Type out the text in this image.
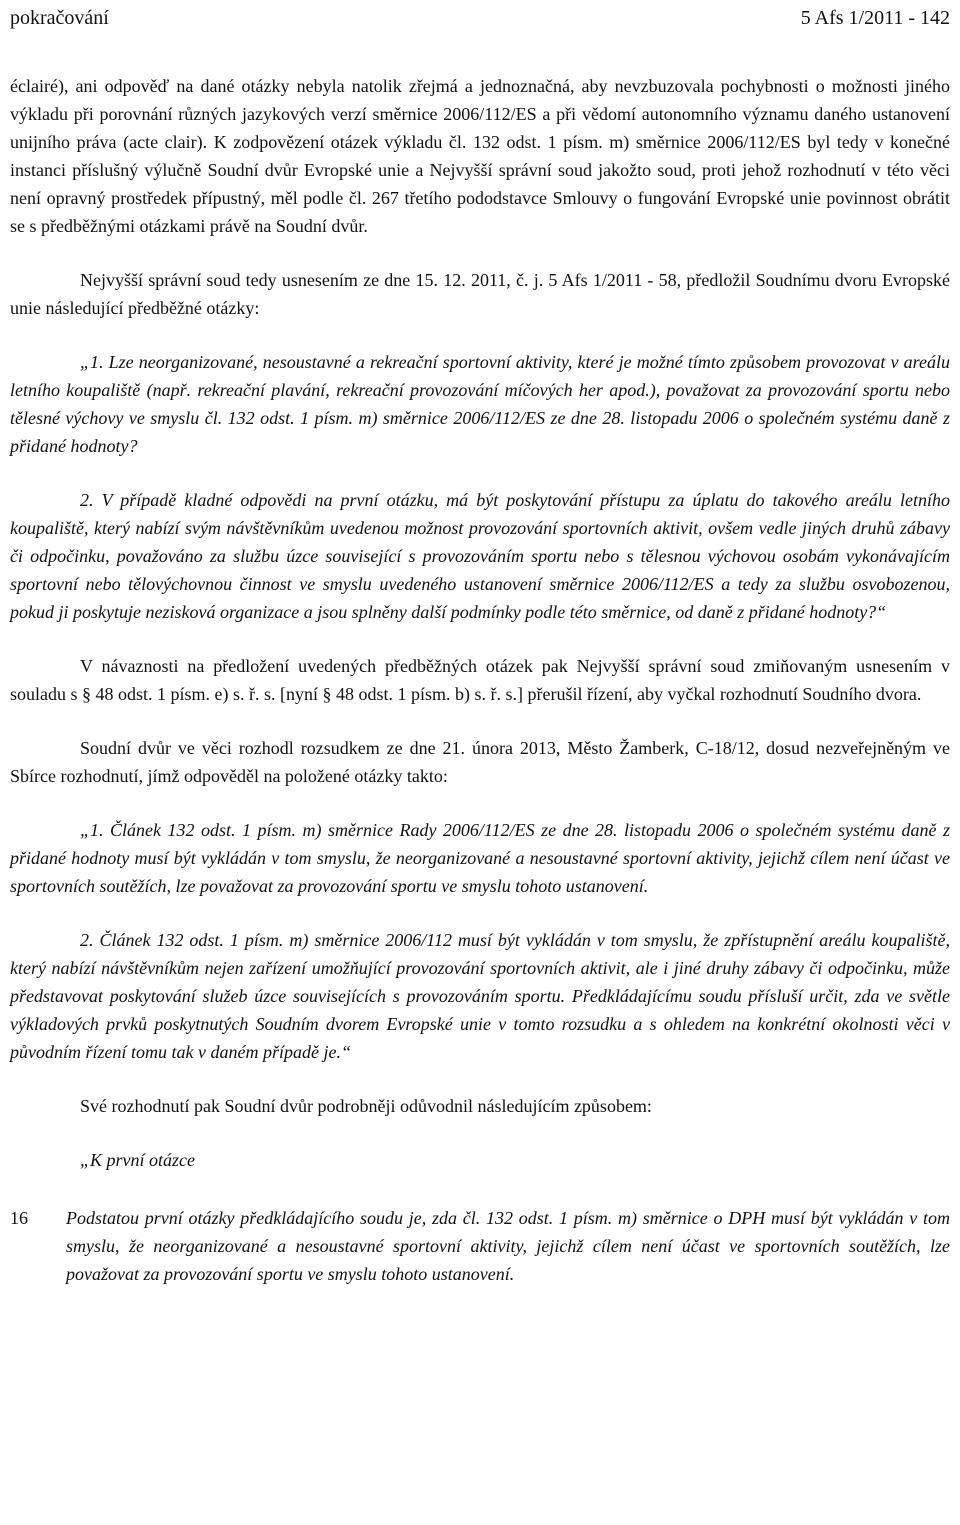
pokračování	5 Afs 1/2011 - 142

éclairé), ani odpověď na dané otázky nebyla natolik zřejmá a jednoznačná, aby nevzbuzovala pochybnosti o možnosti jiného výkladu při porovnání různých jazykových verzí směrnice 2006/112/ES a při vědomí autonomního významu daného ustanovení unijního práva (acte clair). K zodpovězení otázek výkladu čl. 132 odst. 1 písm. m) směrnice 2006/112/ES byl tedy v konečné instanci příslušný výlučně Soudní dvůr Evropské unie a Nejvyšší správní soud jakožto soud, proti jehož rozhodnutí v této věci není opravný prostředek přípustný, měl podle čl. 267 třetího pododstavce Smlouvy o fungování Evropské unie povinnost obrátit se s předběžnými otázkami právě na Soudní dvůr.

Nejvyšší správní soud tedy usnesením ze dne 15. 12. 2011, č. j. 5 Afs 1/2011 - 58, předložil Soudnímu dvoru Evropské unie následující předběžné otázky:

„1. Lze neorganizované, nesoustavné a rekreační sportovní aktivity, které je možné tímto způsobem provozovat v areálu letního koupaliště (např. rekreační plavání, rekreační provozování míčových her apod.), považovat za provozování sportu nebo tělesné výchovy ve smyslu čl. 132 odst. 1 písm. m) směrnice 2006/112/ES ze dne 28. listopadu 2006 o společném systému daně z přidané hodnoty?

2. V případě kladné odpovědi na první otázku, má být poskytování přístupu za úplatu do takového areálu letního koupaliště, který nabízí svým návštěvníkům uvedenou možnost provozování sportovních aktivit, ovšem vedle jiných druhů zábavy či odpočinku, považováno za službu úzce související s provozováním sportu nebo s tělesnou výchovou osobám vykonávajícím sportovní nebo tělovýchovnou činnost ve smyslu uvedeného ustanovení směrnice 2006/112/ES a tedy za službu osvobozenou, pokud ji poskytuje nezisková organizace a jsou splněny další podmínky podle této směrnice, od daně z přidané hodnoty?“

V návaznosti na předložení uvedených předběžných otázek pak Nejvyšší správní soud zmiňovaným usnesením v souladu s § 48 odst. 1 písm. e) s. ř. s. [nyní § 48 odst. 1 písm. b) s. ř. s.] přerušil řízení, aby vyčkal rozhodnutí Soudního dvora.

Soudní dvůr ve věci rozhodl rozsudkem ze dne 21. února 2013, Město Žamberk, C-18/12, dosud nezveřejněným ve Sbírce rozhodnutí, jímž odpověděl na položené otázky takto:

„1. Článek 132 odst. 1 písm. m) směrnice Rady 2006/112/ES ze dne 28. listopadu 2006 o společném systému daně z přidané hodnoty musí být vykládán v tom smyslu, že neorganizované a nesoustavné sportovní aktivity, jejichž cílem není účast ve sportovních soutěžích, lze považovat za provozování sportu ve smyslu tohoto ustanovení.

2. Článek 132 odst. 1 písm. m) směrnice 2006/112 musí být vykládán v tom smyslu, že zpřístupnění areálu koupaliště, který nabízí návštěvníkům nejen zařízení umožňující provozování sportovních aktivit, ale i jiné druhy zábavy či odpočinku, může představovat poskytování služeb úzce souvisejících s provozováním sportu. Předkládajícímu soudu přísluší určit, zda ve světle výkladových prvků poskytnutých Soudním dvorem Evropské unie v tomto rozsudku a s ohledem na konkrétní okolnosti věci v původním řízení tomu tak v daném případě je.“

Své rozhodnutí pak Soudní dvůr podrobněji odůvodnil následujícím způsobem:

„K první otázce

16	Podstatou první otázky předkládajícího soudu je, zda čl. 132 odst. 1 písm. m) směrnice o DPH musí být vykládán v tom smyslu, že neorganizované a nesoustavné sportovní aktivity, jejichž cílem není účast ve sportovních soutěžích, lze považovat za provozování sportu ve smyslu tohoto ustanovení.
